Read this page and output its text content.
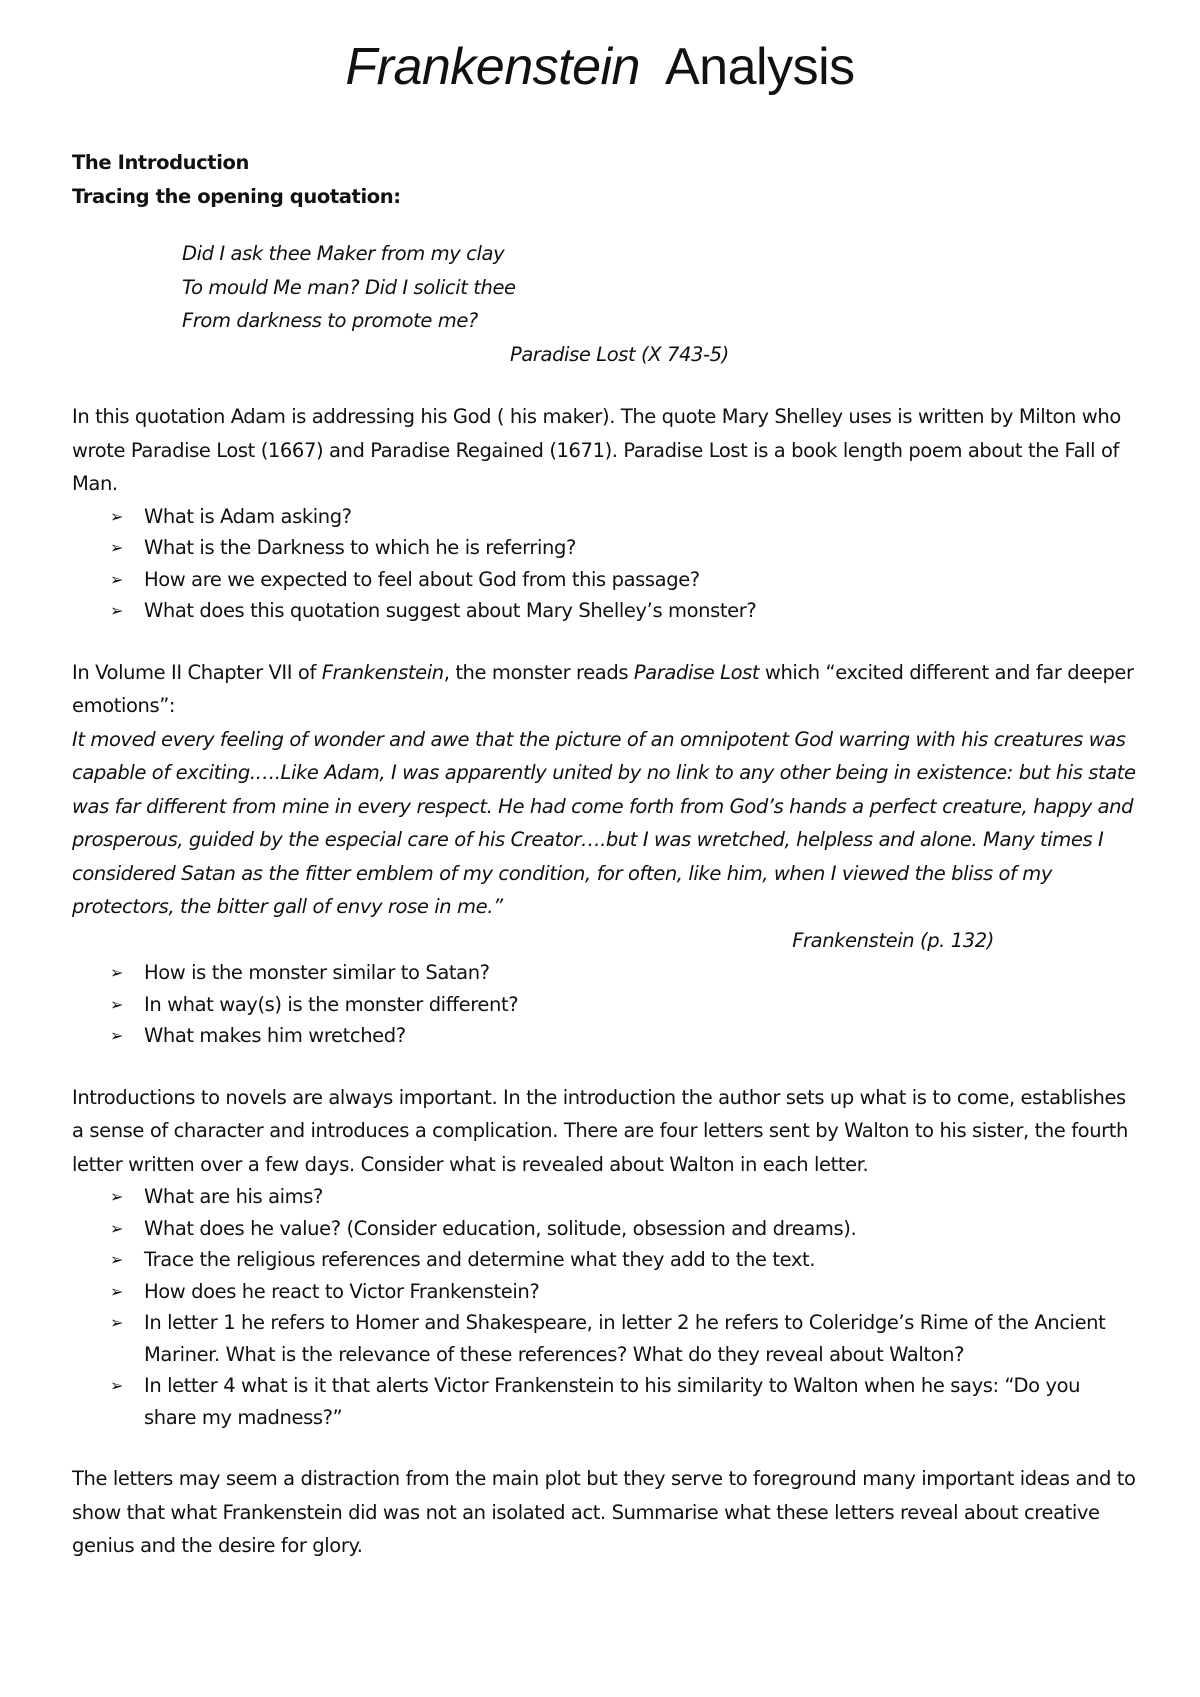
Frankenstein Analysis

The Introduction

Tracing the opening quotation:

Did I ask thee Maker from my clay

To mould Me man? Did I solicit thee

From darkness to promote me?

Paradise Lost (X 743-5)

In this quotation Adam is addressing his God ( his maker). The quote Mary Shelley uses is written by Milton who wrote Paradise Lost (1667) and Paradise Regained (1671). Paradise Lost is a book length poem about the Fall of Man.

➢ What is Adam asking?
➢ What is the Darkness to which he is referring?
➢ How are we expected to feel about God from this passage?
➢ What does this quotation suggest about Mary Shelley’s monster?

In Volume II Chapter VII of Frankenstein, the monster reads Paradise Lost which “excited different and far deeper emotions”:

It moved every feeling of wonder and awe that the picture of an omnipotent God warring with his creatures was capable of exciting.….Like Adam, I was apparently united by no link to any other being in existence: but his state was far different from mine in every respect. He had come forth from God’s hands a perfect creature, happy and prosperous, guided by the especial care of his Creator….but I was wretched, helpless and alone. Many times I considered Satan as the fitter emblem of my condition, for often, like him, when I viewed the bliss of my protectors, the bitter gall of envy rose in me.”

Frankenstein (p. 132)

➢ How is the monster similar to Satan?
➢ In what way(s) is the monster different?
➢ What makes him wretched?

Introductions to novels are always important. In the introduction the author sets up what is to come, establishes a sense of character and introduces a complication. There are four letters sent by Walton to his sister, the fourth letter written over a few days. Consider what is revealed about Walton in each letter.

➢ What are his aims?
➢ What does he value? (Consider education, solitude, obsession and dreams).
➢ Trace the religious references and determine what they add to the text.
➢ How does he react to Victor Frankenstein?
➢ In letter 1 he refers to Homer and Shakespeare, in letter 2 he refers to Coleridge’s Rime of the Ancient Mariner. What is the relevance of these references? What do they reveal about Walton?
➢ In letter 4 what is it that alerts Victor Frankenstein to his similarity to Walton when he says: “Do you share my madness?”

The letters may seem a distraction from the main plot but they serve to foreground many important ideas and to show that what Frankenstein did was not an isolated act. Summarise what these letters reveal about creative genius and the desire for glory.
